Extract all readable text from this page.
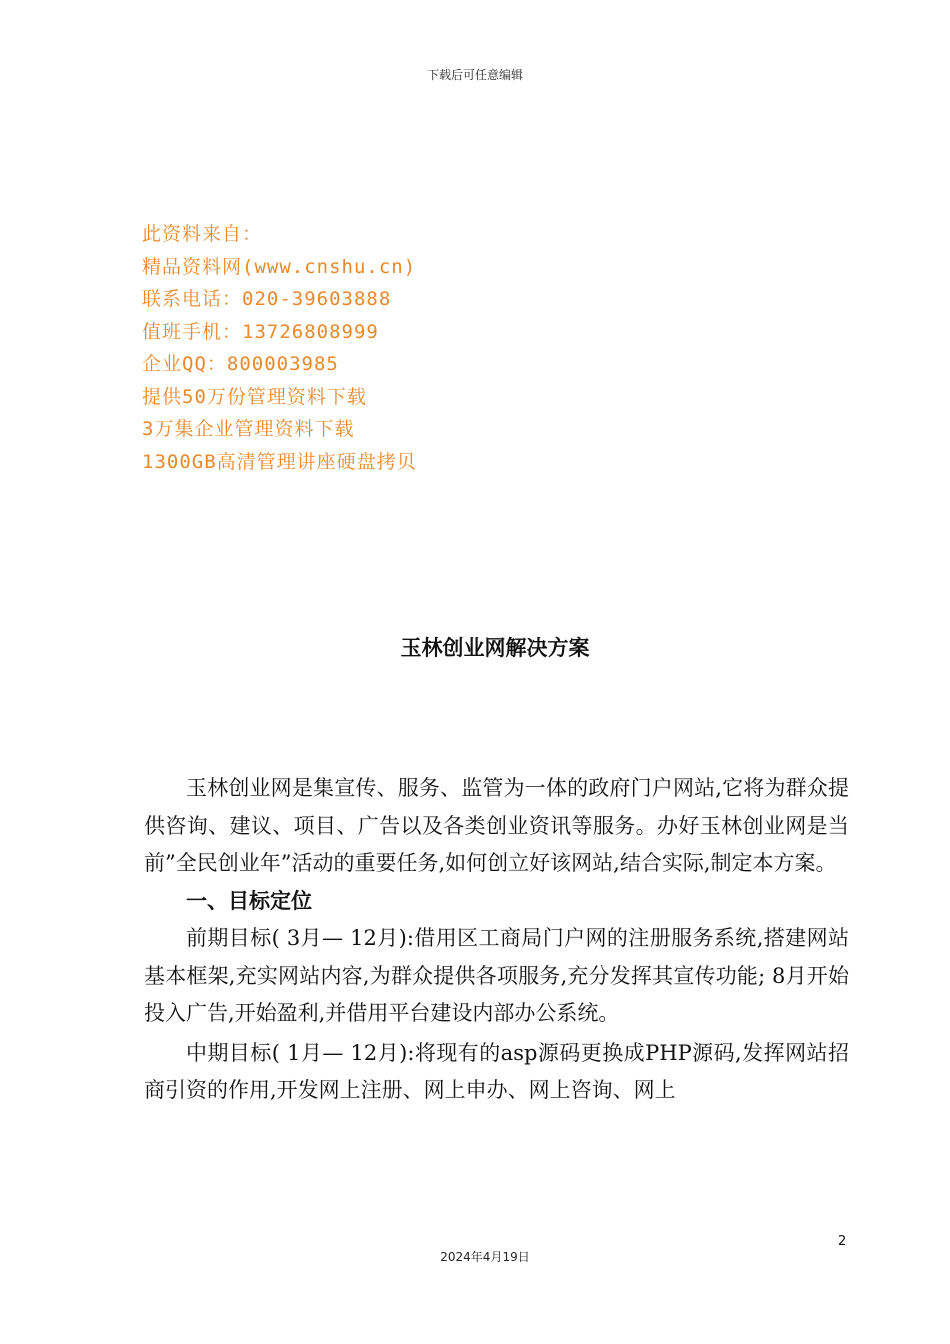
下载后可任意编辑
此资料来自：
精品资料网(www.cnshu.cn)
联系电话：020-39603888
值班手机：13726808999
企业QQ：800003985
提供50万份管理资料下载
3万集企业管理资料下载
1300GB高清管理讲座硬盘拷贝
玉林创业网解决方案

玉林创业网是集宣传、服务、监管为一体的政府门户网站,它将为群众提供咨询、建议、项目、广告以及各类创业资讯等服务。办好玉林创业网是当前”全民创业年”活动的重要任务,如何创立好该网站,结合实际,制定本方案。

一、目标定位

前期目标( 3月— 12月):借用区工商局门户网的注册服务系统,搭建网站基本框架,充实网站内容,为群众提供各项服务,充分发挥其宣传功能; 8月开始投入广告,开始盈利,并借用平台建设内部办公系统。

中期目标( 1月— 12月):将现有的asp源码更换成PHP源码,发挥网站招商引资的作用,开发网上注册、网上申办、网上咨询、网上

2
2024年4月19日
